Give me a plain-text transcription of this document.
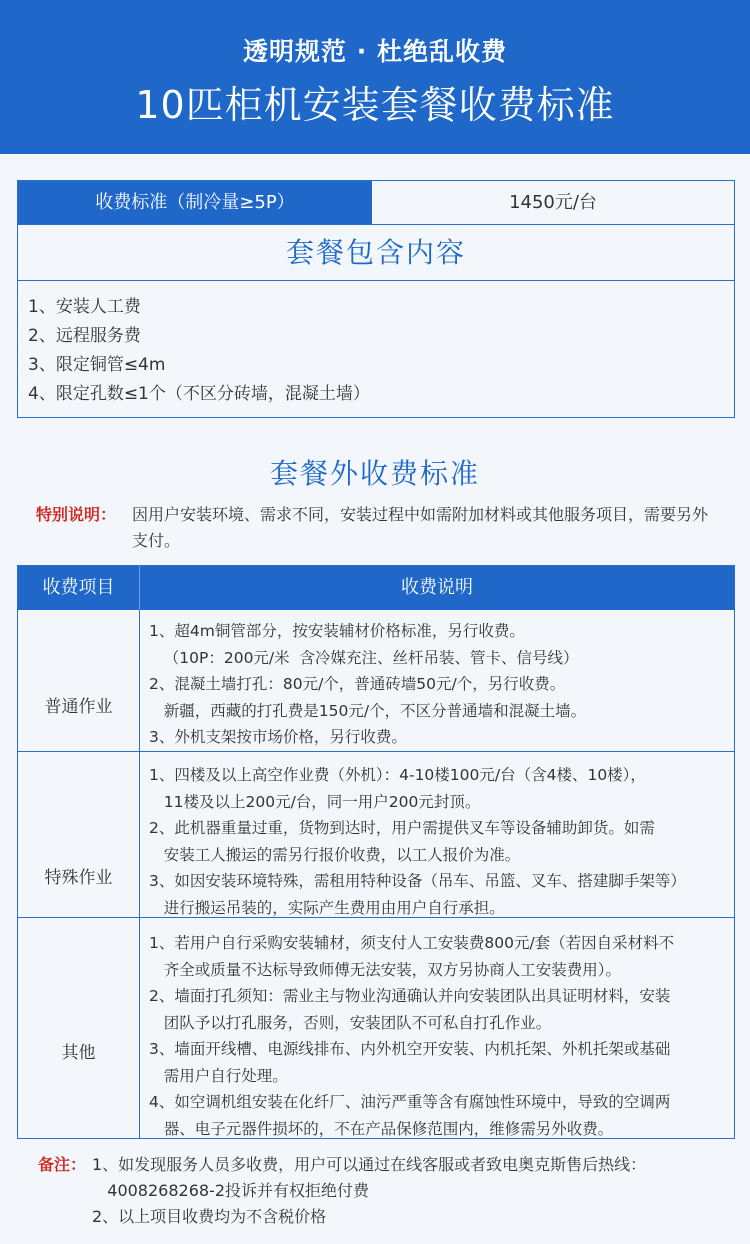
透明规范 · 杜绝乱收费
10匹柜机安装套餐收费标准
收费标准（制冷量≥5P）	1450元/台
套餐包含内容
1、安装人工费
2、远程服务费
3、限定铜管≤4m
4、限定孔数≤1个（不区分砖墙，混凝土墙）
套餐外收费标准
特别说明： 因用户安装环境、需求不同，安装过程中如需附加材料或其他服务项目，需要另外支付。
收费项目	收费说明
普通作业
1、超4m铜管部分，按安装辅材价格标准，另行收费。
（10P：200元/米  含冷媒充注、丝杆吊装、管卡、信号线）
2、混凝土墙打孔：80元/个，普通砖墙50元/个，另行收费。
新疆，西藏的打孔费是150元/个，不区分普通墙和混凝土墙。
3、外机支架按市场价格，另行收费。
特殊作业
1、四楼及以上高空作业费（外机）：4-10楼100元/台（含4楼、10楼），
11楼及以上200元/台，同一用户200元封顶。
2、此机器重量过重，货物到达时，用户需提供叉车等设备辅助卸货。如需
安装工人搬运的需另行报价收费，以工人报价为准。
3、如因安装环境特殊，需租用特种设备（吊车、吊篮、叉车、搭建脚手架等）
进行搬运吊装的，实际产生费用由用户自行承担。
其他
1、若用户自行采购安装辅材，须支付人工安装费800元/套（若因自采材料不
齐全或质量不达标导致师傅无法安装，双方另协商人工安装费用）。
2、墙面打孔须知：需业主与物业沟通确认并向安装团队出具证明材料，安装
团队予以打孔服务，否则，安装团队不可私自打孔作业。
3、墙面开线槽、电源线排布、内外机空开安装、内机托架、外机托架或基础
需用户自行处理。
4、如空调机组安装在化纤厂、油污严重等含有腐蚀性环境中，导致的空调两
器、电子元器件损坏的，不在产品保修范围内，维修需另外收费。
备注： 1、如发现服务人员多收费，用户可以通过在线客服或者致电奥克斯售后热线：
4008268268-2投诉并有权拒绝付费
2、以上项目收费均为不含税价格
